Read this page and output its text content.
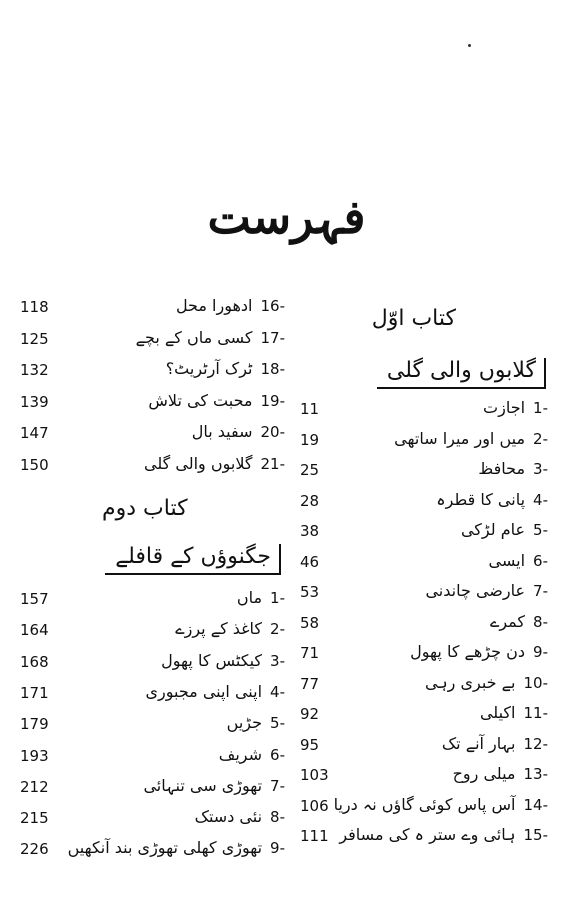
فہرست
کتاب اوّل
گلابوں والی گلی
11	-1اجازت
19	-2میں اور میرا ساتھی
25	-3محافظ
28	-4پانی کا قطرہ
38	-5عام لڑکی
46	-6ایسی
53	-7عارضی چاندنی
58	-8کمرے
71	-9دن چڑھے کا پھول
77	-10بے خبری رہی
92	-11اکیلی
95	-12بہار آنے تک
103	-13میلی روح
106	-14آس پاس کوئی گاؤں نہ دریا
111	-15ہائی وے ستر ہ کی مسافر
118	-16ادھورا محل
125	-17کسی ماں کے بچے
132	-18ٹرک آرٹریٹ؟
139	-19محبت کی تلاش
147	-20سفید بال
150	-21گلابوں والی گلی
کتاب دوم
جگنوؤں کے قافلے
157	-1ماں
164	-2کاغذ کے پرزے
168	-3کیکٹس کا پھول
171	-4اپنی اپنی مجبوری
179	-5جڑیں
193	-6شریف
212	-7تھوڑی سی تنہائی
215	-8نئی دستک
226	-9تھوڑی کھلی تھوڑی بند آنکھیں
